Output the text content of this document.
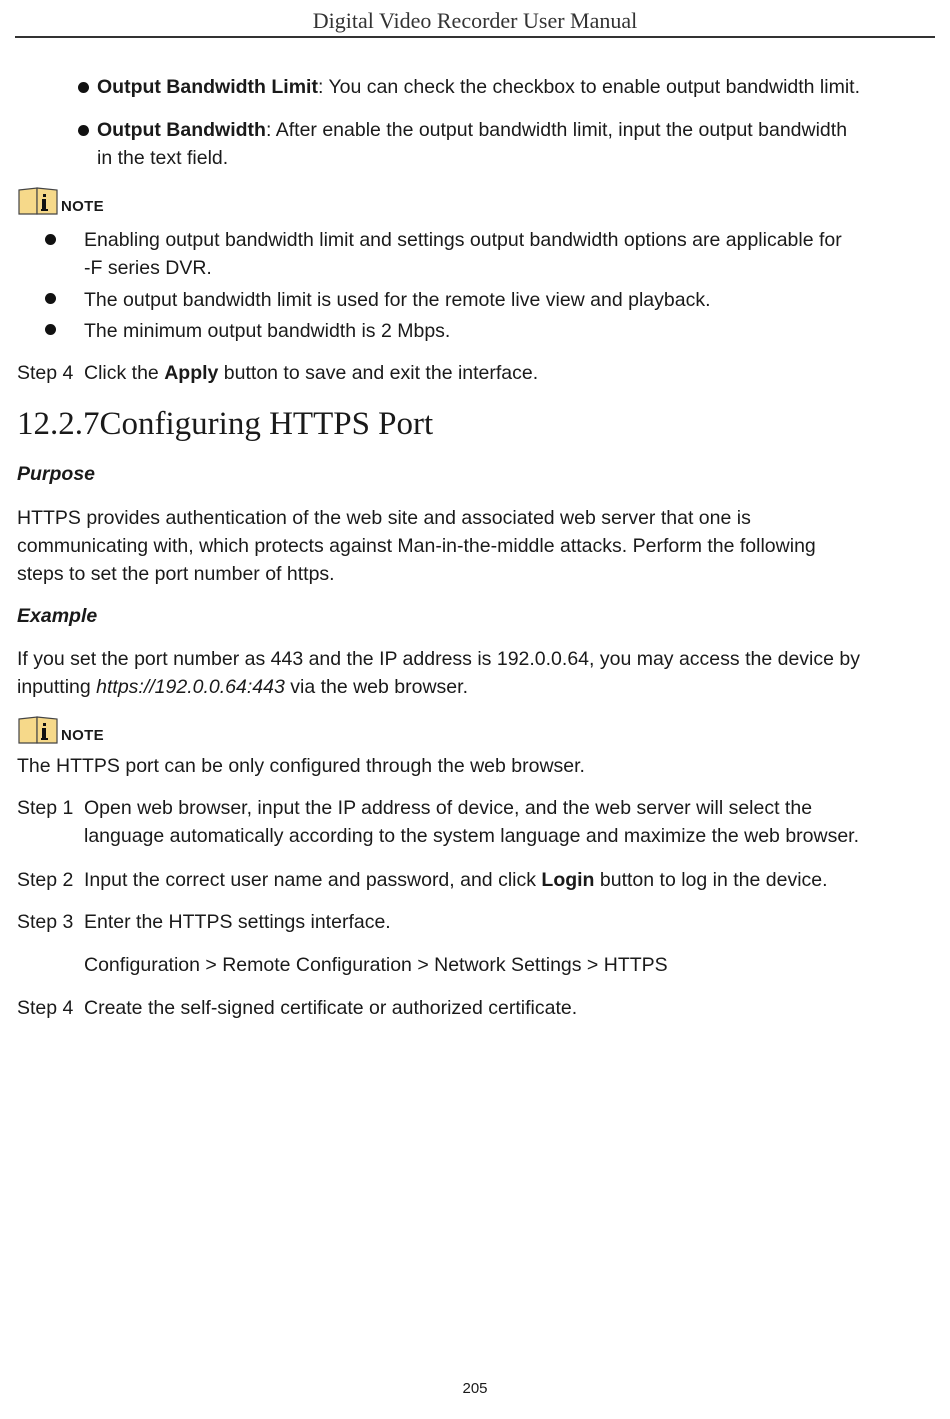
Digital Video Recorder User Manual
Output Bandwidth Limit: You can check the checkbox to enable output bandwidth limit.
Output Bandwidth: After enable the output bandwidth limit, input the output bandwidth
in the text field.
NOTE
Enabling output bandwidth limit and settings output bandwidth options are applicable for
-F series DVR.
The output bandwidth limit is used for the remote live view and playback.
The minimum output bandwidth is 2 Mbps.
Step 4 Click the Apply button to save and exit the interface.
12.2.7Configuring HTTPS Port
Purpose
HTTPS provides authentication of the web site and associated web server that one is
communicating with, which protects against Man-in-the-middle attacks. Perform the following
steps to set the port number of https.
Example
If you set the port number as 443 and the IP address is 192.0.0.64, you may access the device by
inputting https://192.0.0.64:443 via the web browser.
NOTE
The HTTPS port can be only configured through the web browser.
Step 1 Open web browser, input the IP address of device, and the web server will select the
language automatically according to the system language and maximize the web browser.
Step 2 Input the correct user name and password, and click Login button to log in the device.
Step 3 Enter the HTTPS settings interface.
Configuration > Remote Configuration > Network Settings > HTTPS
Step 4 Create the self-signed certificate or authorized certificate.
205
